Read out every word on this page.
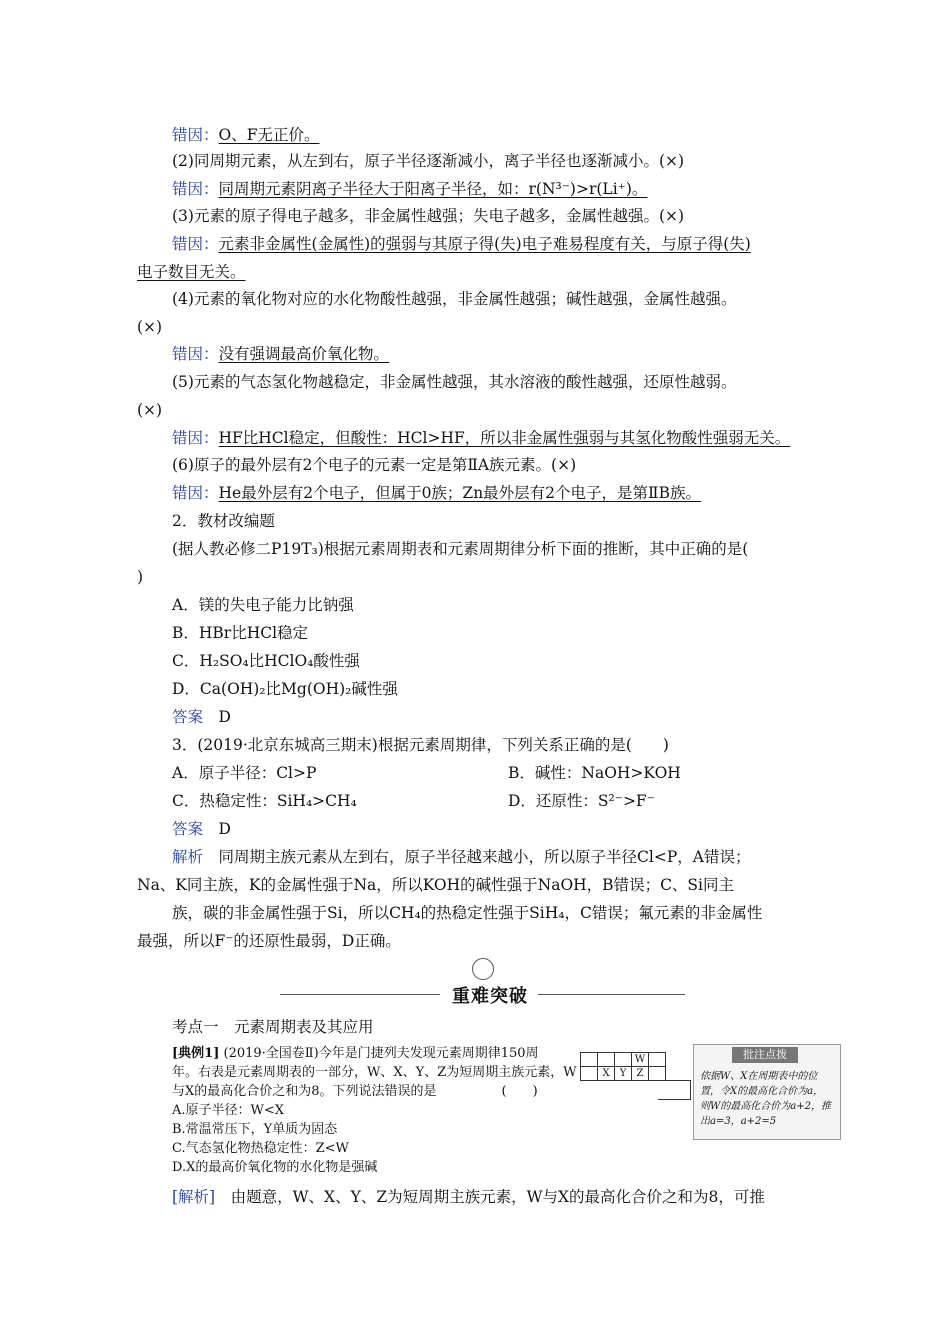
错因：O、F无正价。
(2)同周期元素，从左到右，原子半径逐渐减小，离子半径也逐渐减小。(×)
错因：同周期元素阴离子半径大于阳离子半径，如：r(N³⁻)>r(Li⁺)。
(3)元素的原子得电子越多，非金属性越强；失电子越多，金属性越强。(×)
错因：元素非金属性(金属性)的强弱与其原子得(失)电子难易程度有关，与原子得(失)
电子数目无关。
(4)元素的氧化物对应的水化物酸性越强，非金属性越强；碱性越强，金属性越强。
(×)
错因：没有强调最高价氧化物。
(5)元素的气态氢化物越稳定，非金属性越强，其水溶液的酸性越强，还原性越弱。
(×)
错因：HF比HCl稳定，但酸性：HCl>HF，所以非金属性强弱与其氢化物酸性强弱无关。
(6)原子的最外层有2个电子的元素一定是第ⅡA族元素。(×)
错因：He最外层有2个电子，但属于0族；Zn最外层有2个电子，是第ⅡB族。
2．教材改编题
(据人教必修二P19T₃)根据元素周期表和元素周期律分析下面的推断，其中正确的是(
)
A．镁的失电子能力比钠强
B．HBr比HCl稳定
C．H₂SO₄比HClO₄酸性强
D．Ca(OH)₂比Mg(OH)₂碱性强
答案　 D
3．(2019·北京东城高三期末)根据元素周期律，下列关系正确的是(　　)
A．原子半径：Cl>P	B．碱性：NaOH>KOH
C．热稳定性：SiH₄>CH₄	D．还原性：S²⁻>F⁻
答案　 D
解析　 同周期主族元素从左到右，原子半径越来越小，所以原子半径Cl<P，A错误；
Na、K同主族，K的金属性强于Na，所以KOH的碱性强于NaOH，B错误；C、Si同主
族，碳的非金属性强于Si，所以CH₄的热稳定性强于SiH₄，C错误；氟元素的非金属性
最强，所以F⁻的还原性最弱，D正确。
重难突破
考点一　元素周期表及其应用
[典例1] (2019·全国卷Ⅱ)今年是门捷列夫发现元素周期律150周
年。右表是元素周期表的一部分，W、X、Y、Z为短周期主族元素，W
与X的最高化合价之和为8。下列说法错误的是　　　　　(　　)
A.原子半径：W<X
B.常温常压下，Y单质为固态
C.气态氢化物热稳定性：Z<W
D.X的最高价氧化物的水化物是强碱
			W	
	X	Y	Z	
批注点拨
依据W、X在周期表中的位置，令X的最高化合价为a，则W的最高化合价为a+2，推出a=3，a+2=5
[解析]　 由题意，W、X、Y、Z为短周期主族元素，W与X的最高化合价之和为8，可推
